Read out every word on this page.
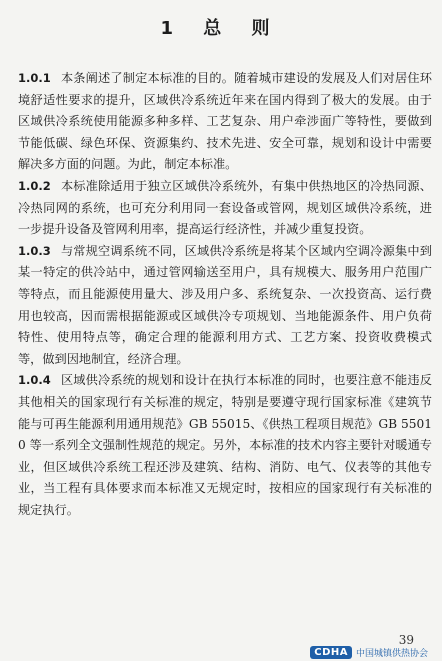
1 总 则

1.0.1 本条阐述了制定本标准的目的。随着城市建设的发展及人们对居住环境舒适性要求的提升，区域供冷系统近年来在国内得到了极大的发展。由于区域供冷系统使用能源多种多样、工艺复杂、用户牵涉面广等特性，要做到节能低碳、绿色环保、资源集约、技术先进、安全可靠，规划和设计中需要解决多方面的问题。为此，制定本标准。

1.0.2 本标准除适用于独立区域供冷系统外，有集中供热地区的冷热同源、冷热同网的系统，也可充分利用同一套设备或管网，规划区域供冷系统，进一步提升设备及管网利用率，提高运行经济性，并减少重复投资。

1.0.3 与常规空调系统不同，区域供冷系统是将某个区域内空调冷源集中到某一特定的供冷站中，通过管网输送至用户，具有规模大、服务用户范围广等特点，而且能源使用量大、涉及用户多、系统复杂、一次投资高、运行费用也较高，因而需根据能源或区域供冷专项规划、当地能源条件、用户负荷特性、使用特点等，确定合理的能源利用方式、工艺方案、投资收费模式等，做到因地制宜，经济合理。

1.0.4 区域供冷系统的规划和设计在执行本标准的同时，也要注意不能违反其他相关的国家现行有关标准的规定，特别是要遵守现行国家标准《建筑节能与可再生能源利用通用规范》GB 55015、《供热工程项目规范》GB 55010 等一系列全文强制性规范的规定。另外，本标准的技术内容主要针对暖通专业，但区域供冷系统工程还涉及建筑、结构、消防、电气、仪表等的其他专业，当工程有具体要求而本标准又无规定时，按相应的国家现行有关标准的规定执行。

39
CDHA 中国城镇供热协会
